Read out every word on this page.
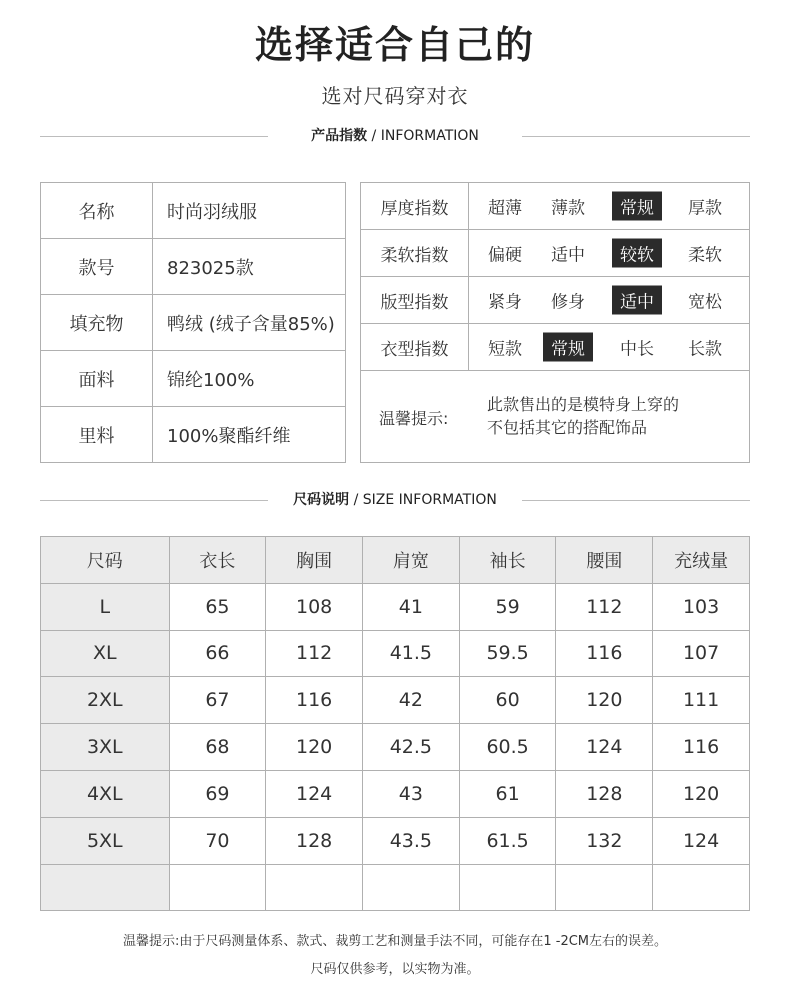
选择适合自己的
选对尺码穿对衣
产品指数 / INFORMATION
名称	时尚羽绒服
款号	823025款
填充物	鸭绒 (绒子含量85%)
面料	锦纶100%
里料	100%聚酯纤维
衣型指数	短款	常规	中长	长款
版型指数	紧身	修身	适中	宽松
柔软指数	偏硬	适中	较软	柔软
厚度指数	超薄	薄款	常规	厚款
温馨提示:
此款售出的是模特身上穿的
不包括其它的搭配饰品
尺码说明 / SIZE INFORMATION
尺码	衣长	胸围	肩宽	袖长	腰围	充绒量
L	65	108	41	59	112	103
XL	66	112	41.5	59.5	116	107
2XL	67	116	42	60	120	111
3XL	68	120	42.5	60.5	124	116
4XL	69	124	43	61	128	120
5XL	70	128	43.5	61.5	132	124

温馨提示:由于尺码测量体系、款式、裁剪工艺和测量手法不同，可能存在1 -2CM左右的误差。
尺码仅供参考，以实物为准。
